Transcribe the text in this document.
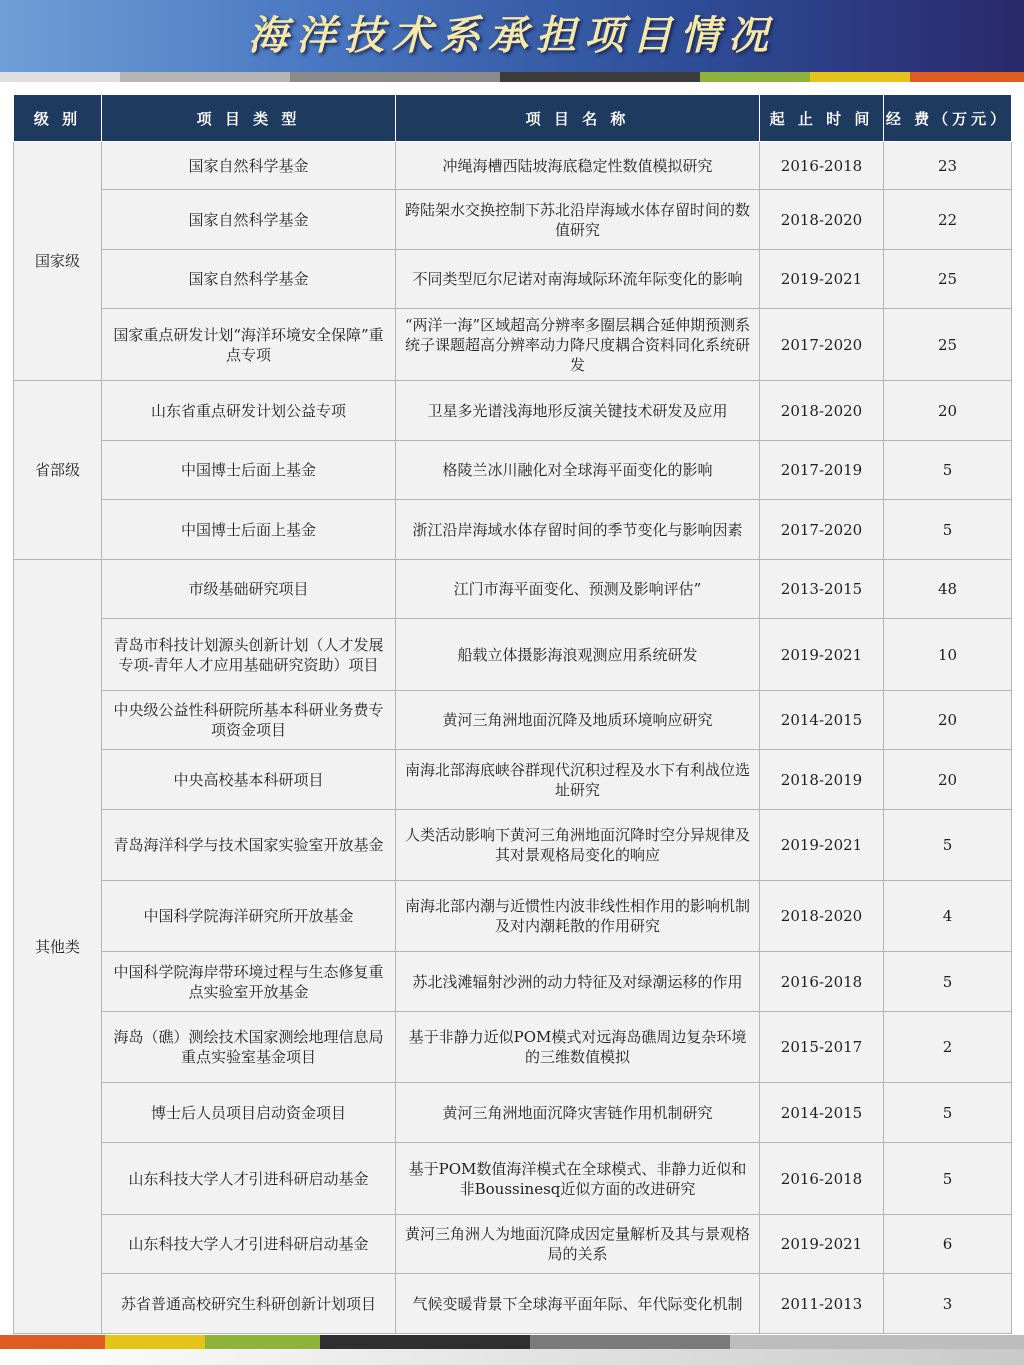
海洋技术系承担项目情况
级 别	项 目 类 型	项 目 名 称	起 止 时 间	经 费（万元）
国家级	国家自然科学基金	冲绳海槽西陆坡海底稳定性数值模拟研究	2016-2018	23
	国家自然科学基金	跨陆架水交换控制下苏北沿岸海域水体存留时间的数值研究	2018-2020	22
	国家自然科学基金	不同类型厄尔尼诺对南海域际环流年际变化的影响	2019-2021	25
	国家重点研发计划“海洋环境安全保障”重点专项	“两洋一海”区域超高分辨率多圈层耦合延伸期预测系统子课题超高分辨率动力降尺度耦合资料同化系统研发	2017-2020	25
省部级	山东省重点研发计划公益专项	卫星多光谱浅海地形反演关键技术研发及应用	2018-2020	20
	中国博士后面上基金	格陵兰冰川融化对全球海平面变化的影响	2017-2019	5
	中国博士后面上基金	浙江沿岸海域水体存留时间的季节变化与影响因素	2017-2020	5
其他类	市级基础研究项目	江门市海平面变化、预测及影响评估”	2013-2015	48
	青岛市科技计划源头创新计划（人才发展专项-青年人才应用基础研究资助）项目	船载立体摄影海浪观测应用系统研发	2019-2021	10
	中央级公益性科研院所基本科研业务费专项资金项目	黄河三角洲地面沉降及地质环境响应研究	2014-2015	20
	中央高校基本科研项目	南海北部海底峡谷群现代沉积过程及水下有利战位选址研究	2018-2019	20
	青岛海洋科学与技术国家实验室开放基金	人类活动影响下黄河三角洲地面沉降时空分异规律及其对景观格局变化的响应	2019-2021	5
	中国科学院海洋研究所开放基金	南海北部内潮与近惯性内波非线性相作用的影响机制及对内潮耗散的作用研究	2018-2020	4
	中国科学院海岸带环境过程与生态修复重点实验室开放基金	苏北浅滩辐射沙洲的动力特征及对绿潮运移的作用	2016-2018	5
	海岛（礁）测绘技术国家测绘地理信息局重点实验室基金项目	基于非静力近似POM模式对远海岛礁周边复杂环境的三维数值模拟	2015-2017	2
	博士后人员项目启动资金项目	黄河三角洲地面沉降灾害链作用机制研究	2014-2015	5
	山东科技大学人才引进科研启动基金	基于POM数值海洋模式在全球模式、非静力近似和非Boussinesq近似方面的改进研究	2016-2018	5
	山东科技大学人才引进科研启动基金	黄河三角洲人为地面沉降成因定量解析及其与景观格局的关系	2019-2021	6
	苏省普通高校研究生科研创新计划项目	气候变暖背景下全球海平面年际、年代际变化机制	2011-2013	3
